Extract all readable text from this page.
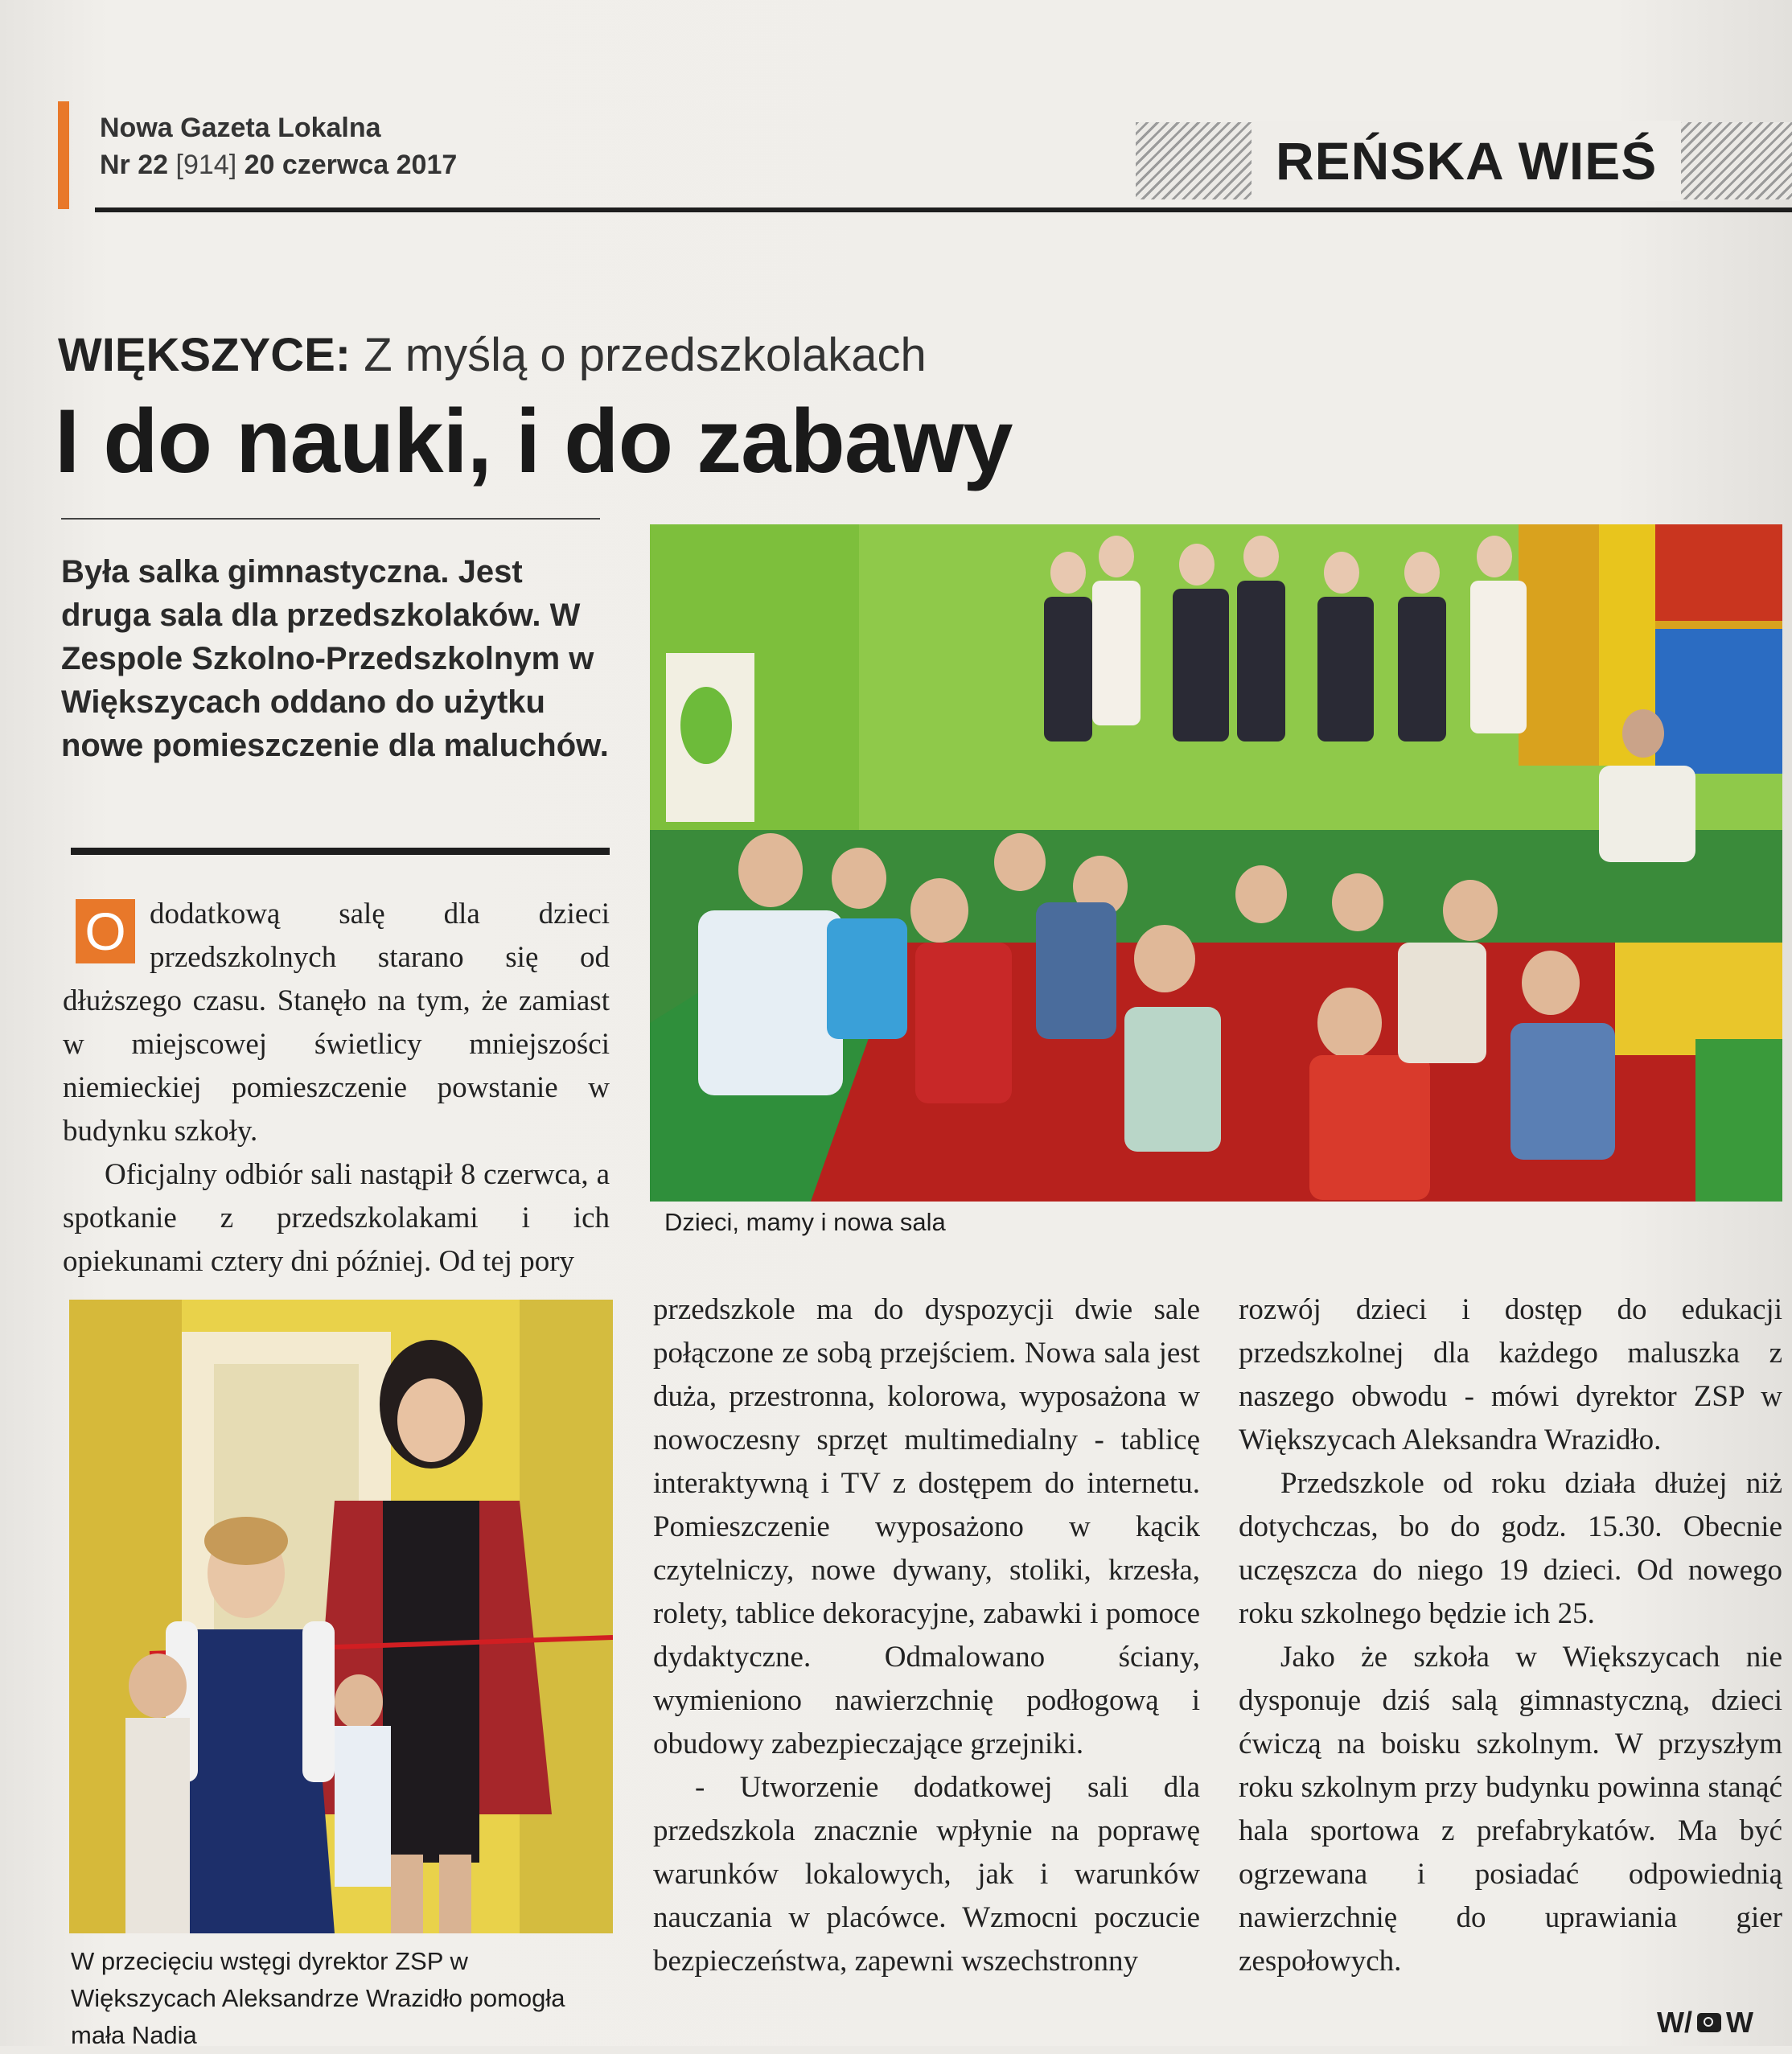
Nowa Gazeta Lokalna
Nr 22 [914] 20 czerwca 2017	REŃSKA WIEŚ
WIĘKSZYCE: Z myślą o przedszkolakach
I do nauki, i do zabawy
Była salka gimnastyczna. Jest druga sala dla przedszkolaków. W Zespole Szkolno-Przedszkolnym w Większycach oddano do użytku nowe pomieszczenie dla maluchów.
O dodatkową salę dla dzieci przedszkolnych starano się od dłuższego czasu. Stanęło na tym, że zamiast w miejscowej świetlicy mniejszości niemieckiej pomieszczenie powstanie w budynku szkoły.

Oficjalny odbiór sali nastąpił 8 czerwca, a spotkanie z przedszkolakami i ich opiekunami cztery dni później. Od tej pory

Dzieci, mamy i nowa sala
W przecięciu wstęgi dyrektor ZSP w Większycach Aleksandrze Wrazidło pomogła mała Nadia

przedszkole ma do dyspozycji dwie sale połączone ze sobą przejściem. Nowa sala jest duża, przestronna, kolorowa, wyposażona w nowoczesny sprzęt multimedialny - tablicę interaktywną i TV z dostępem do internetu. Pomieszczenie wyposażono w kącik czytelniczy, nowe dywany, stoliki, krzesła, rolety, tablice dekoracyjne, zabawki i pomoce dydaktyczne. Odmalowano ściany, wymieniono nawierzchnię podłogową i obudowy zabezpieczające grzejniki.

- Utworzenie dodatkowej sali dla przedszkola znacznie wpłynie na poprawę warunków lokalowych, jak i warunków nauczania w placówce. Wzmocni poczucie bezpieczeństwa, zapewni wszechstronny

rozwój dzieci i dostęp do edukacji przedszkolnej dla każdego maluszka z naszego obwodu - mówi dyrektor ZSP w Większycach Aleksandra Wrazidło.

Przedszkole od roku działa dłużej niż dotychczas, bo do godz. 15.30. Obecnie uczęszcza do niego 19 dzieci. Od nowego roku szkolnego będzie ich 25.

Jako że szkoła w Większycach nie dysponuje dziś salą gimnastyczną, dzieci ćwiczą na boisku szkolnym. W przyszłym roku szkolnym przy budynku powinna stanąć hala sportowa z prefabrykatów. Ma być ogrzewana i posiadać odpowiednią nawierzchnię do uprawiania gier zespołowych.

W/ W
